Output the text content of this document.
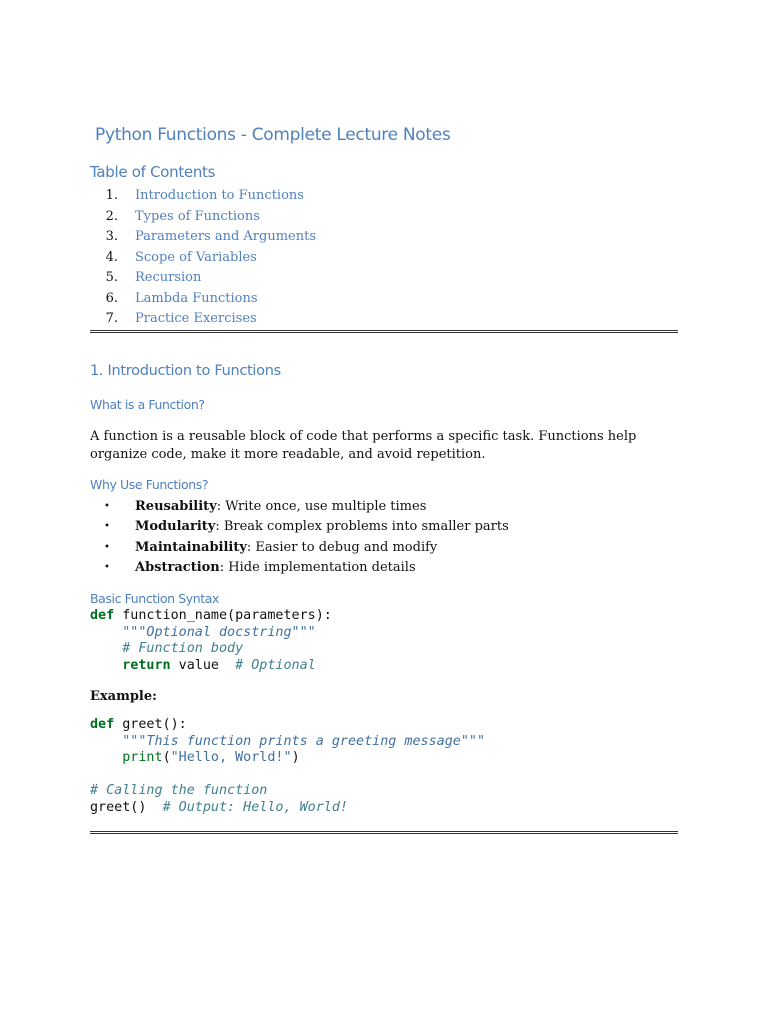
Python Functions - Complete Lecture Notes
Table of Contents
1. Introduction to Functions
2. Types of Functions
3. Parameters and Arguments
4. Scope of Variables
5. Recursion
6. Lambda Functions
7. Practice Exercises
1. Introduction to Functions
What is a Function?

A function is a reusable block of code that performs a specific task. Functions help organize code, make it more readable, and avoid repetition.

Why Use Functions?
•	Reusability: Write once, use multiple times
•	Modularity: Break complex problems into smaller parts
•	Maintainability: Easier to debug and modify
•	Abstraction: Hide implementation details
Basic Function Syntax
def function_name(parameters):
"""Optional docstring"""
# Function body
return value  # Optional

Example:

def greet():
"""This function prints a greeting message"""
print("Hello, World!")

# Calling the function
greet()  # Output: Hello, World!
